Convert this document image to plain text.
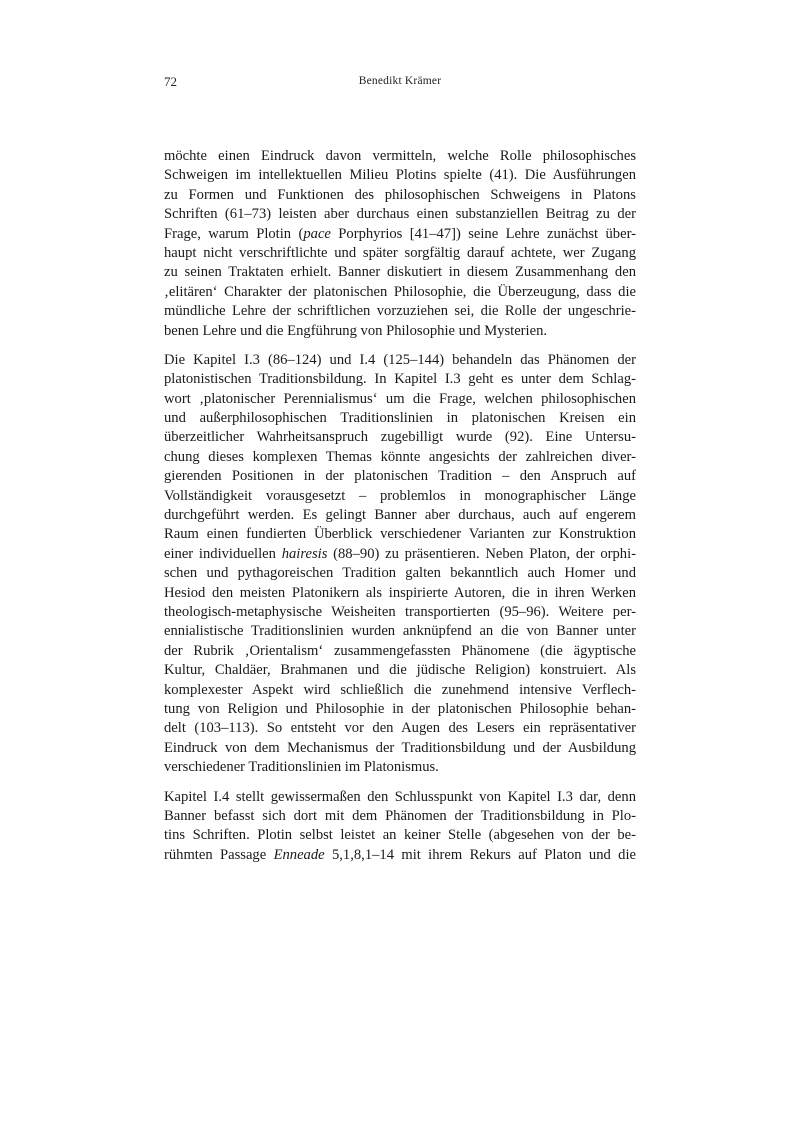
72	Benedikt Krämer

möchte einen Eindruck davon vermitteln, welche Rolle philosophisches
Schweigen im intellektuellen Milieu Plotins spielte (41). Die Ausführungen
zu Formen und Funktionen des philosophischen Schweigens in Platons
Schriften (61–73) leisten aber durchaus einen substanziellen Beitrag zu der
Frage, warum Plotin (pace Porphyrios [41–47]) seine Lehre zunächst über-
haupt nicht verschriftlichte und später sorgfältig darauf achtete, wer Zugang
zu seinen Traktaten erhielt. Banner diskutiert in diesem Zusammenhang den
‚elitären‘ Charakter der platonischen Philosophie, die Überzeugung, dass die
mündliche Lehre der schriftlichen vorzuziehen sei, die Rolle der ungeschrie-
benen Lehre und die Engführung von Philosophie und Mysterien.

Die Kapitel I.3 (86–124) und I.4 (125–144) behandeln das Phänomen der
platonistischen Traditionsbildung. In Kapitel I.3 geht es unter dem Schlag-
wort ‚platonischer Perennialismus‘ um die Frage, welchen philosophischen
und außerphilosophischen Traditionslinien in platonischen Kreisen ein
überzeitlicher Wahrheitsanspruch zugebilligt wurde (92). Eine Untersu-
chung dieses komplexen Themas könnte angesichts der zahlreichen diver-
gierenden Positionen in der platonischen Tradition – den Anspruch auf
Vollständigkeit vorausgesetzt – problemlos in monographischer Länge
durchgeführt werden. Es gelingt Banner aber durchaus, auch auf engerem
Raum einen fundierten Überblick verschiedener Varianten zur Konstruktion
einer individuellen hairesis (88–90) zu präsentieren. Neben Platon, der orphi-
schen und pythagoreischen Tradition galten bekanntlich auch Homer und
Hesiod den meisten Platonikern als inspirierte Autoren, die in ihren Werken
theologisch-metaphysische Weisheiten transportierten (95–96). Weitere per-
ennialistische Traditionslinien wurden anknüpfend an die von Banner unter
der Rubrik ‚Orientalism‘ zusammengefassten Phänomene (die ägyptische
Kultur, Chaldäer, Brahmanen und die jüdische Religion) konstruiert. Als
komplexester Aspekt wird schließlich die zunehmend intensive Verflech-
tung von Religion und Philosophie in der platonischen Philosophie behan-
delt (103–113). So entsteht vor den Augen des Lesers ein repräsentativer
Eindruck von dem Mechanismus der Traditionsbildung und der Ausbildung
verschiedener Traditionslinien im Platonismus.

Kapitel I.4 stellt gewissermaßen den Schlusspunkt von Kapitel I.3 dar, denn
Banner befasst sich dort mit dem Phänomen der Traditionsbildung in Plo-
tins Schriften. Plotin selbst leistet an keiner Stelle (abgesehen von der be-
rühmten Passage Enneade 5,1,8,1–14 mit ihrem Rekurs auf Platon und die
